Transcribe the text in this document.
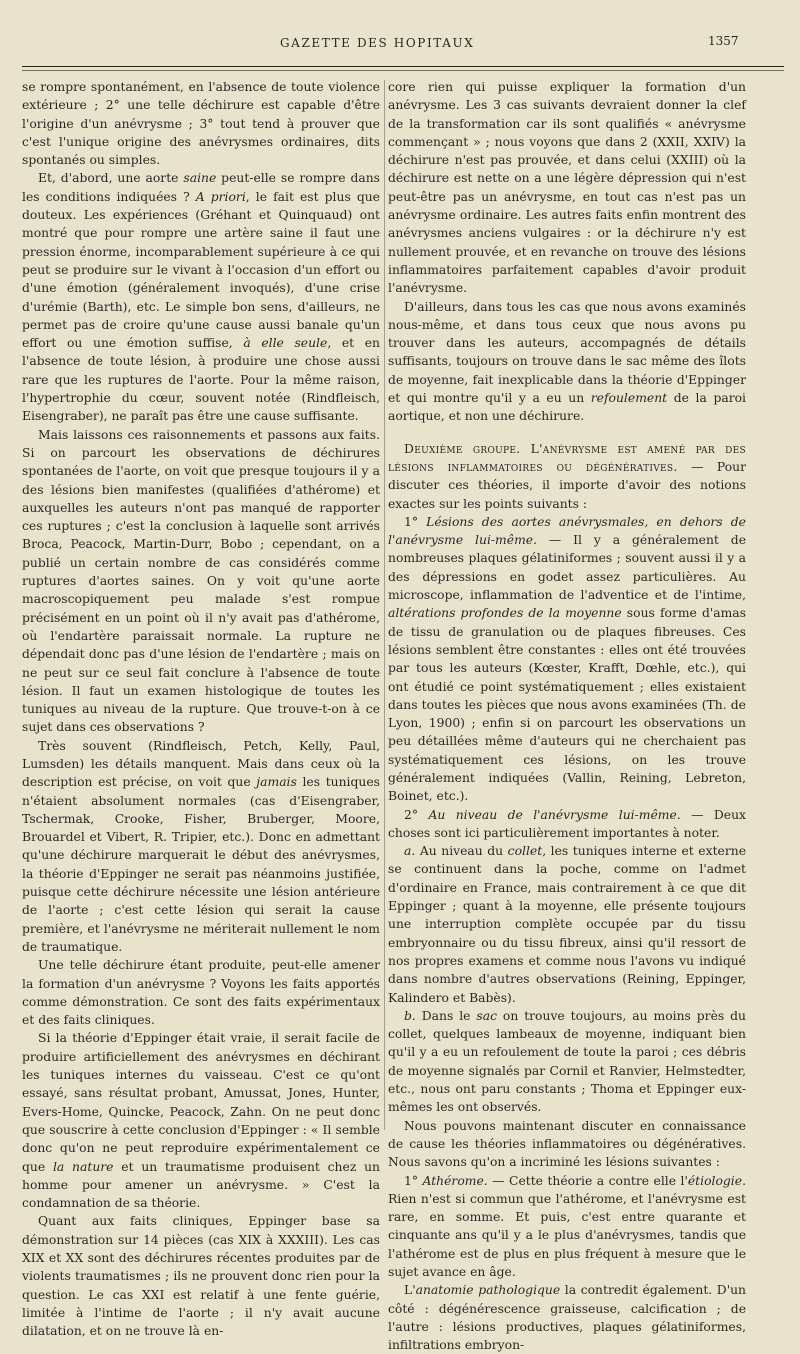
GAZETTE DES HOPITAUX	1357

se rompre spontanément, en l'absence de toute violence extérieure ; 2° une telle déchirure est capable d'être l'origine d'un anévrysme ; 3° tout tend à prouver que c'est l'unique origine des anévrysmes ordinaires, dits spontanés ou simples.

Et, d'abord, une aorte saine peut-elle se rompre dans les conditions indiquées ? A priori, le fait est plus que douteux. Les expériences (Gréhant et Quinquaud) ont montré que pour rompre une artère saine il faut une pression énorme, incomparablement supérieure à ce qui peut se produire sur le vivant à l'occasion d'un effort ou d'une émotion (généralement invoqués), d'une crise d'urémie (Barth), etc. Le simple bon sens, d'ailleurs, ne permet pas de croire qu'une cause aussi banale qu'un effort ou une émotion suffise, à elle seule, et en l'absence de toute lésion, à produire une chose aussi rare que les ruptures de l'aorte. Pour la même raison, l'hypertrophie du cœur, souvent notée (Rindfleisch, Eisengraber), ne paraît pas être une cause suffisante.

Mais laissons ces raisonnements et passons aux faits. Si on parcourt les observations de déchirures spontanées de l'aorte, on voit que presque toujours il y a des lésions bien manifestes (qualifiées d'athérome) et auxquelles les auteurs n'ont pas manqué de rapporter ces ruptures ; c'est la conclusion à laquelle sont arrivés Broca, Peacock, Martin-Durr, Bobo ; cependant, on a publié un certain nombre de cas considérés comme ruptures d'aortes saines. On y voit qu'une aorte macroscopiquement peu malade s'est rompue précisément en un point où il n'y avait pas d'athérome, où l'endartère paraissait normale. La rupture ne dépendait donc pas d'une lésion de l'endartère ; mais on ne peut sur ce seul fait conclure à l'absence de toute lésion. Il faut un examen histologique de toutes les tuniques au niveau de la rupture. Que trouve-t-on à ce sujet dans ces observations ?

Très souvent (Rindfleisch, Petch, Kelly, Paul, Lumsden) les détails manquent. Mais dans ceux où la description est précise, on voit que jamais les tuniques n'étaient absolument normales (cas d'Eisengraber, Tschermak, Crooke, Fisher, Bruberger, Moore, Brouardel et Vibert, R. Tripier, etc.). Donc en admettant qu'une déchirure marquerait le début des anévrysmes, la théorie d'Eppinger ne serait pas néanmoins justifiée, puisque cette déchirure nécessite une lésion antérieure de l'aorte ; c'est cette lésion qui serait la cause première, et l'anévrysme ne mériterait nullement le nom de traumatique.

Une telle déchirure étant produite, peut-elle amener la formation d'un anévrysme ? Voyons les faits apportés comme démonstration. Ce sont des faits expérimentaux et des faits cliniques.

Si la théorie d'Eppinger était vraie, il serait facile de produire artificiellement des anévrysmes en déchirant les tuniques internes du vaisseau. C'est ce qu'ont essayé, sans résultat probant, Amussat, Jones, Hunter, Evers-Home, Quincke, Peacock, Zahn. On ne peut donc que souscrire à cette conclusion d'Eppinger : « Il semble donc qu'on ne peut reproduire expérimentalement ce que la nature et un traumatisme produisent chez un homme pour amener un anévrysme. » C'est la condamnation de sa théorie.

Quant aux faits cliniques, Eppinger base sa démonstration sur 14 pièces (cas XIX à XXXIII). Les cas XIX et XX sont des déchirures récentes produites par de violents traumatismes ; ils ne prouvent donc rien pour la question. Le cas XXI est relatif à une fente guérie, limitée à l'intime de l'aorte ; il n'y avait aucune dilatation, et on ne trouve là en-

core rien qui puisse expliquer la formation d'un anévrysme. Les 3 cas suivants devraient donner la clef de la transformation car ils sont qualifiés « anévrysme commençant » ; nous voyons que dans 2 (XXII, XXIV) la déchirure n'est pas prouvée, et dans celui (XXIII) où la déchirure est nette on a une légère dépression qui n'est peut-être pas un anévrysme, en tout cas n'est pas un anévrysme ordinaire. Les autres faits enfin montrent des anévrysmes anciens vulgaires : or la déchirure n'y est nullement prouvée, et en revanche on trouve des lésions inflammatoires parfaitement capables d'avoir produit l'anévrysme.

D'ailleurs, dans tous les cas que nous avons examinés nous-même, et dans tous ceux que nous avons pu trouver dans les auteurs, accompagnés de détails suffisants, toujours on trouve dans le sac même des îlots de moyenne, fait inexplicable dans la théorie d'Eppinger et qui montre qu'il y a eu un refoulement de la paroi aortique, et non une déchirure.

Deuxième groupe. L'anévrysme est amené par des lésions inflammatoires ou dégénératives. — Pour discuter ces théories, il importe d'avoir des notions exactes sur les points suivants :

1° Lésions des aortes anévrysmales, en dehors de l'anévrysme lui-même. — Il y a généralement de nombreuses plaques gélatiniformes ; souvent aussi il y a des dépressions en godet assez particulières. Au microscope, inflammation de l'adventice et de l'intime, altérations profondes de la moyenne sous forme d'amas de tissu de granulation ou de plaques fibreuses. Ces lésions semblent être constantes : elles ont été trouvées par tous les auteurs (Kœster, Krafft, Dœhle, etc.), qui ont étudié ce point systématiquement ; elles existaient dans toutes les pièces que nous avons examinées (Th. de Lyon, 1900) ; enfin si on parcourt les observations un peu détaillées même d'auteurs qui ne cherchaient pas systématiquement ces lésions, on les trouve généralement indiquées (Vallin, Reining, Lebreton, Boinet, etc.).

2° Au niveau de l'anévrysme lui-même. — Deux choses sont ici particulièrement importantes à noter.

a. Au niveau du collet, les tuniques interne et externe se continuent dans la poche, comme on l'admet d'ordinaire en France, mais contrairement à ce que dit Eppinger ; quant à la moyenne, elle présente toujours une interruption complète occupée par du tissu embryonnaire ou du tissu fibreux, ainsi qu'il ressort de nos propres examens et comme nous l'avons vu indiqué dans nombre d'autres observations (Reining, Eppinger, Kalindero et Babès).

b. Dans le sac on trouve toujours, au moins près du collet, quelques lambeaux de moyenne, indiquant bien qu'il y a eu un refoulement de toute la paroi ; ces débris de moyenne signalés par Cornil et Ranvier, Helmstedter, etc., nous ont paru constants ; Thoma et Eppinger eux-mêmes les ont observés.

Nous pouvons maintenant discuter en connaissance de cause les théories inflammatoires ou dégénératives. Nous savons qu'on a incriminé les lésions suivantes :

1° Athérome. — Cette théorie a contre elle l'étiologie. Rien n'est si commun que l'athérome, et l'anévrysme est rare, en somme. Et puis, c'est entre quarante et cinquante ans qu'il y a le plus d'anévrysmes, tandis que l'athérome est de plus en plus fréquent à mesure que le sujet avance en âge.

L'anatomie pathologique la contredit également. D'un côté : dégénérescence graisseuse, calcification ; de l'autre : lésions productives, plaques gélatiniformes, infiltrations embryon-
